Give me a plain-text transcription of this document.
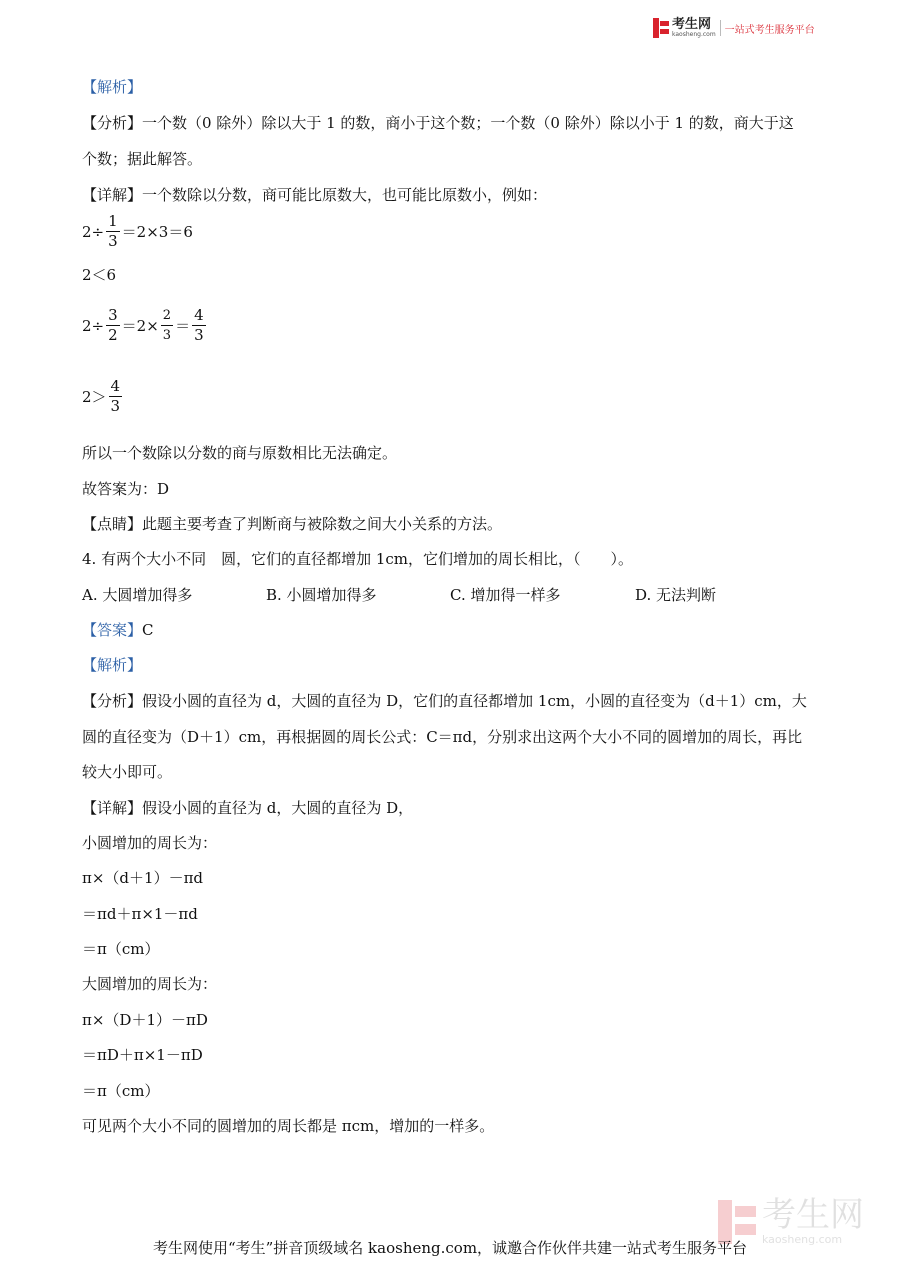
考生网
kaosheng.com 一站式考生服务平台
【解析】
【分析】一个数（0 除外）除以大于 1 的数，商小于这个数；一个数（0 除外）除以小于 1 的数，商大于这
个数；据此解答。
【详解】一个数除以分数，商可能比原数大，也可能比原数小，例如：
$2\div \frac{1}{3} =2\times 3=6$
2＜6
$2\div \frac{3}{2} =2\times \frac{2}{3} = \frac{4}{3}$
$2> \frac{4}{3}$
所以一个数除以分数的商与原数相比无法确定。
故答案为：D
【点睛】此题主要考查了判断商与被除数之间大小关系的方法。
4. 有两个大小不同　圆，它们的直径都增加 1cm，它们增加的周长相比，（　　）。
A. 大圆增加得多	B. 小圆增加得多	C. 增加得一样多	D. 无法判断
【答案】C
【解析】
【分析】假设小圆的直径为 d，大圆的直径为 D，它们的直径都增加 1cm，小圆的直径变为（d＋1）cm，大
圆的直径变为（D＋1）cm，再根据圆的周长公式：C＝πd，分别求出这两个大小不同的圆增加的周长，再比
较大小即可。
【详解】假设小圆的直径为 d，大圆的直径为 D，
小圆增加的周长为：
π×（d＋1）－πd
＝πd＋π×1－πd
＝π（cm）
大圆增加的周长为：
π×（D＋1）－πD
＝πD＋π×1－πD
＝π（cm）
可见两个大小不同的圆增加的周长都是 πcm，增加的一样多。
考生网
kaosheng.com
考生网使用“考生”拼音顶级域名 kaosheng.com，诚邀合作伙伴共建一站式考生服务平台
